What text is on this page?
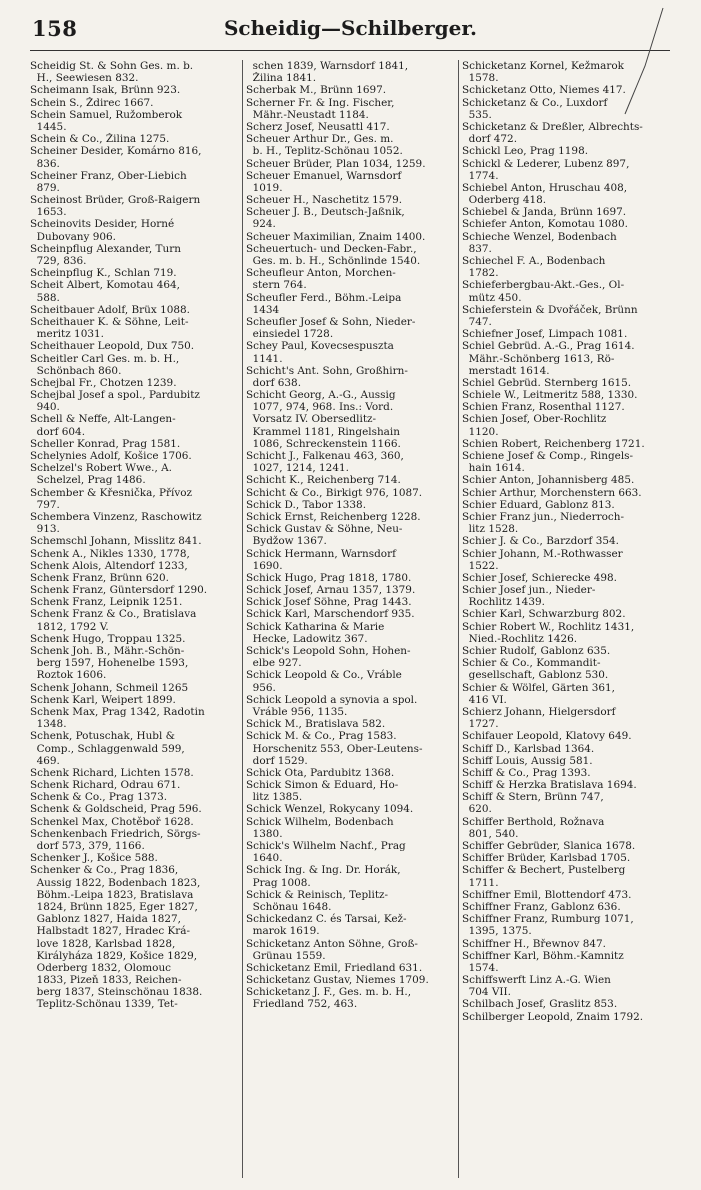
158	Scheidig—Schilberger.
Scheidig St. & Sohn Ges. m. b.
H., Seewiesen 832.
Scheimann Isak, Brünn 923.
Schein S., Ždirec 1667.
Schein Samuel, Ružomberok
1445.
Schein & Co., Žilina 1275.
Scheiner Desider, Komárno 816,
836.
Scheiner Franz, Ober-Liebich
879.
Scheinost Brüder, Groß-Raigern
1653.
Scheinovits Desider, Horné
Dubovany 906.
Scheinpflug Alexander, Turn
729, 836.
Scheinpflug K., Schlan 719.
Scheit Albert, Komotau 464,
588.
Scheitbauer Adolf, Brüx 1088.
Scheithauer K. & Söhne, Leit-
meritz 1031.
Scheithauer Leopold, Dux 750.
Scheitler Carl Ges. m. b. H.,
Schönbach 860.
Schejbal Fr., Chotzen 1239.
Schejbal Josef a spol., Pardubitz
940.
Schell & Neffe, Alt-Langen-
dorf 604.
Scheller Konrad, Prag 1581.
Schelynies Adolf, Košice 1706.
Schelzel's Robert Wwe., A.
Schelzel, Prag 1486.
Schember & Křesnička, Přívoz
797.
Schembera Vinzenz, Raschowitz
913.
Schemschl Johann, Misslitz 841.
Schenk A., Nikles 1330, 1778,
Schenk Alois, Altendorf 1233,
Schenk Franz, Brünn 620.
Schenk Franz, Güntersdorf 1290.
Schenk Franz, Leipnik 1251.
Schenk Franz & Co., Bratislava
1812, 1792 V.
Schenk Hugo, Troppau 1325.
Schenk Joh. B., Mähr.-Schön-
berg 1597, Hohenelbe 1593,
Roztok 1606.
Schenk Johann, Schmeil 1265
Schenk Karl, Weipert 1899.
Schenk Max, Prag 1342, Radotin
1348.
Schenk, Potuschak, Hubl &
Comp., Schlaggenwald 599,
469.
Schenk Richard, Lichten 1578.
Schenk Richard, Odrau 671.
Schenk & Co., Prag 1373.
Schenk & Goldscheid, Prag 596.
Schenkel Max, Chotěboř 1628.
Schenkenbach Friedrich, Sörgs-
dorf 573, 379, 1166.
Schenker J., Košice 588.
Schenker & Co., Prag 1836,
Aussig 1822, Bodenbach 1823,
Böhm.-Leipa 1823, Bratislava
1824, Brünn 1825, Eger 1827,
Gablonz 1827, Haida 1827,
Halbstadt 1827, Hradec Krá-
love 1828, Karlsbad 1828,
Királyháza 1829, Košice 1829,
Oderberg 1832, Olomouc
1833, Pizeň 1833, Reichen-
berg 1837, Steinschönau 1838.
Teplitz-Schönau 1339, Tet-
schen 1839, Warnsdorf 1841,
Žilina 1841.
Scherbak M., Brünn 1697.
Scherner Fr. & Ing. Fischer,
Mähr.-Neustadt 1184.
Scherz Josef, Neusattl 417.
Scheuer Arthur Dr., Ges. m.
b. H., Teplitz-Schönau 1052.
Scheuer Brüder, Plan 1034, 1259.
Scheuer Emanuel, Warnsdorf
1019.
Scheuer H., Naschetitz 1579.
Scheuer J. B., Deutsch-Jaßnik,
924.
Scheuer Maximilian, Znaim 1400.
Scheuertuch- und Decken-Fabr.,
Ges. m. b. H., Schönlinde 1540.
Scheufleur Anton, Morchen-
stern 764.
Scheufler Ferd., Böhm.-Leipa
1434
Scheufler Josef & Sohn, Nieder-
einsiedel 1728.
Schey Paul, Kovecsespuszta
1141.
Schicht's Ant. Sohn, Großhirn-
dorf 638.
Schicht Georg, A.-G., Aussig
1077, 974, 968. Ins.: Vord.
Vorsatz IV. Obersedlitz-
Krammel 1181, Ringelshain
1086, Schreckenstein 1166.
Schicht J., Falkenau 463, 360,
1027, 1214, 1241.
Schicht K., Reichenberg 714.
Schicht & Co., Birkigt 976, 1087.
Schick D., Tabor 1338.
Schick Ernst, Reichenberg 1228.
Schick Gustav & Söhne, Neu-
Bydžow 1367.
Schick Hermann, Warnsdorf
1690.
Schick Hugo, Prag 1818, 1780.
Schick Josef, Arnau 1357, 1379.
Schick Josef Söhne, Prag 1443.
Schick Karl, Marschendorf 935.
Schick Katharina & Marie
Hecke, Ladowitz 367.
Schick's Leopold Sohn, Hohen-
elbe 927.
Schick Leopold & Co., Vráble
956.
Schick Leopold a synovia a spol.
Vráble 956, 1135.
Schick M., Bratislava 582.
Schick M. & Co., Prag 1583.
Horschenitz 553, Ober-Leutens-
dorf 1529.
Schick Ota, Pardubitz 1368.
Schick Simon & Eduard, Ho-
litz 1385.
Schick Wenzel, Rokycany 1094.
Schick Wilhelm, Bodenbach
1380.
Schick's Wilhelm Nachf., Prag
1640.
Schick Ing. & Ing. Dr. Horák,
Prag 1008.
Schick & Reinisch, Teplitz-
Schönau 1648.
Schickedanz C. és Tarsai, Kež-
marok 1619.
Schicketanz Anton Söhne, Groß-
Grünau 1559.
Schicketanz Emil, Friedland 631.
Schicketanz Gustav, Niemes 1709.
Schicketanz J. F., Ges. m. b. H.,
Friedland 752, 463.
Schicketanz Kornel, Kežmarok
1578.
Schicketanz Otto, Niemes 417.
Schicketanz & Co., Luxdorf
535.
Schicketanz & Dreßler, Albrechts-
dorf 472.
Schickl Leo, Prag 1198.
Schickl & Lederer, Lubenz 897,
1774.
Schiebel Anton, Hruschau 408,
Oderberg 418.
Schiebel & Janda, Brünn 1697.
Schiefer Anton, Komotau 1080.
Schieche Wenzel, Bodenbach
837.
Schiechel F. A., Bodenbach
1782.
Schieferbergbau-Akt.-Ges., Ol-
mütz 450.
Schieferstein & Dvořáček, Brünn
747.
Schiefner Josef, Limpach 1081.
Schiel Gebrüd. A.-G., Prag 1614.
Mähr.-Schönberg 1613, Rö-
merstadt 1614.
Schiel Gebrüd. Sternberg 1615.
Schiele W., Leitmeritz 588, 1330.
Schien Franz, Rosenthal 1127.
Schien Josef, Ober-Rochlitz
1120.
Schien Robert, Reichenberg 1721.
Schiene Josef & Comp., Ringels-
hain 1614.
Schier Anton, Johannisberg 485.
Schier Arthur, Morchenstern 663.
Schier Eduard, Gablonz 813.
Schier Franz jun., Niederroch-
litz 1528.
Schier J. & Co., Barzdorf 354.
Schier Johann, M.-Rothwasser
1522.
Schier Josef, Schierecke 498.
Schier Josef jun., Nieder-
Rochlitz 1439.
Schier Karl, Schwarzburg 802.
Schier Robert W., Rochlitz 1431,
Nied.-Rochlitz 1426.
Schier Rudolf, Gablonz 635.
Schier & Co., Kommandit-
gesellschaft, Gablonz 530.
Schier & Wölfel, Gärten 361,
416 VI.
Schierz Johann, Hielgersdorf
1727.
Schifauer Leopold, Klatovy 649.
Schiff D., Karlsbad 1364.
Schiff Louis, Aussig 581.
Schiff & Co., Prag 1393.
Schiff & Herzka Bratislava 1694.
Schiff & Stern, Brünn 747,
620.
Schiffer Berthold, Rožnava
801, 540.
Schiffer Gebrüder, Slanica 1678.
Schiffer Brüder, Karlsbad 1705.
Schiffer & Bechert, Pustelberg
1711.
Schiffner Emil, Blottendorf 473.
Schiffner Franz, Gablonz 636.
Schiffner Franz, Rumburg 1071,
1395, 1375.
Schiffner H., Břewnov 847.
Schiffner Karl, Böhm.-Kamnitz
1574.
Schiffswerft Linz A.-G. Wien
704 VII.
Schilbach Josef, Graslitz 853.
Schilberger Leopold, Znaim 1792.
